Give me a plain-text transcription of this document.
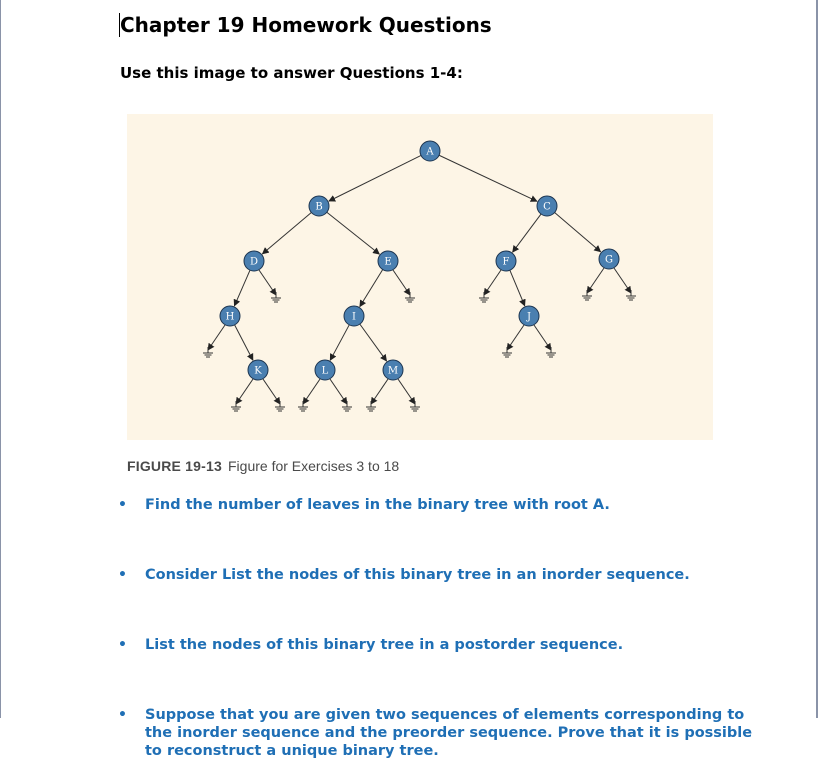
Chapter 19 Homework Questions
Use this image to answer Questions 1-4:
A
B	C
D	E	F	G
H	I	J
K	L	M
FIGURE 19-13 Figure for Exercises 3 to 18
• Find the number of leaves in the binary tree with root A.
• Consider List the nodes of this binary tree in an inorder sequence.
• List the nodes of this binary tree in a postorder sequence.
• Suppose that you are given two sequences of elements corresponding to the inorder sequence and the preorder sequence. Prove that it is possible to reconstruct a unique binary tree.
